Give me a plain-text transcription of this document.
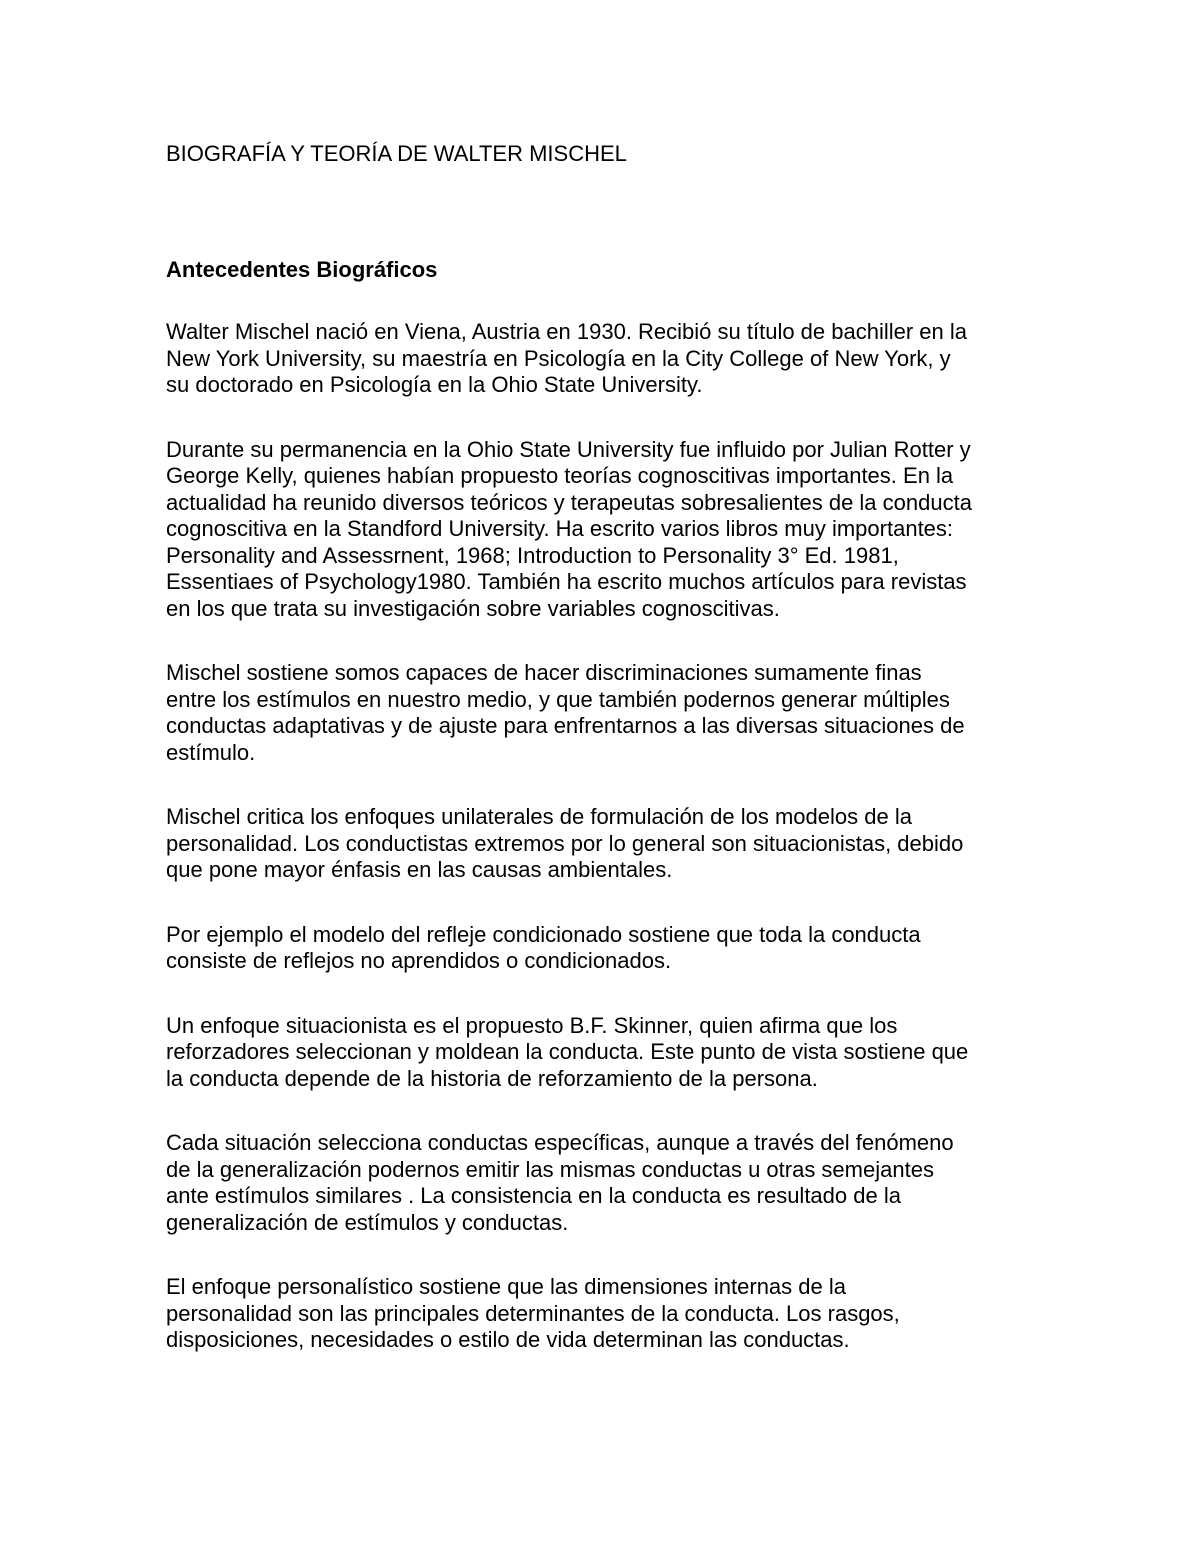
BIOGRAFÍA Y TEORÍA DE WALTER MISCHEL
Antecedentes Biográficos

Walter Mischel nació en Viena, Austria en 1930. Recibió su título de bachiller en la
New York University, su maestría en Psicología en la City College of New York, y
su doctorado en Psicología en la Ohio State University.

Durante su permanencia en la Ohio State University fue influido por Julian Rotter y
George Kelly, quienes habían propuesto teorías cognoscitivas importantes. En la
actualidad ha reunido diversos teóricos y terapeutas sobresalientes de la conducta
cognoscitiva en la Standford University. Ha escrito varios libros muy importantes:
Personality and Assessrnent, 1968; Introduction to Personality 3° Ed. 1981,
Essentiaes of Psychology1980. También ha escrito muchos artículos para revistas
en los que trata su investigación sobre variables cognoscitivas.

Mischel sostiene somos capaces de hacer discriminaciones sumamente finas
entre los estímulos en nuestro medio, y que también podernos generar múltiples
conductas adaptativas y de ajuste para enfrentarnos a las diversas situaciones de
estímulo.

Mischel critica los enfoques unilaterales de formulación de los modelos de la
personalidad. Los conductistas extremos por lo general son situacionistas, debido
que pone mayor énfasis en las causas ambientales.

Por ejemplo el modelo del refleje condicionado sostiene que toda la conducta
consiste de reflejos no aprendidos o condicionados.

Un enfoque situacionista es el propuesto B.F. Skinner, quien afirma que los
reforzadores seleccionan y moldean la conducta. Este punto de vista sostiene que
la conducta depende de la historia de reforzamiento de la persona.

Cada situación selecciona conductas específicas, aunque a través del fenómeno
de la generalización podernos emitir las mismas conductas u otras semejantes
ante estímulos similares . La consistencia en la conducta es resultado de la
generalización de estímulos y conductas.

El enfoque personalístico sostiene que las dimensiones internas de la
personalidad son las principales determinantes de la conducta. Los rasgos,
disposiciones, necesidades o estilo de vida determinan las conductas.
